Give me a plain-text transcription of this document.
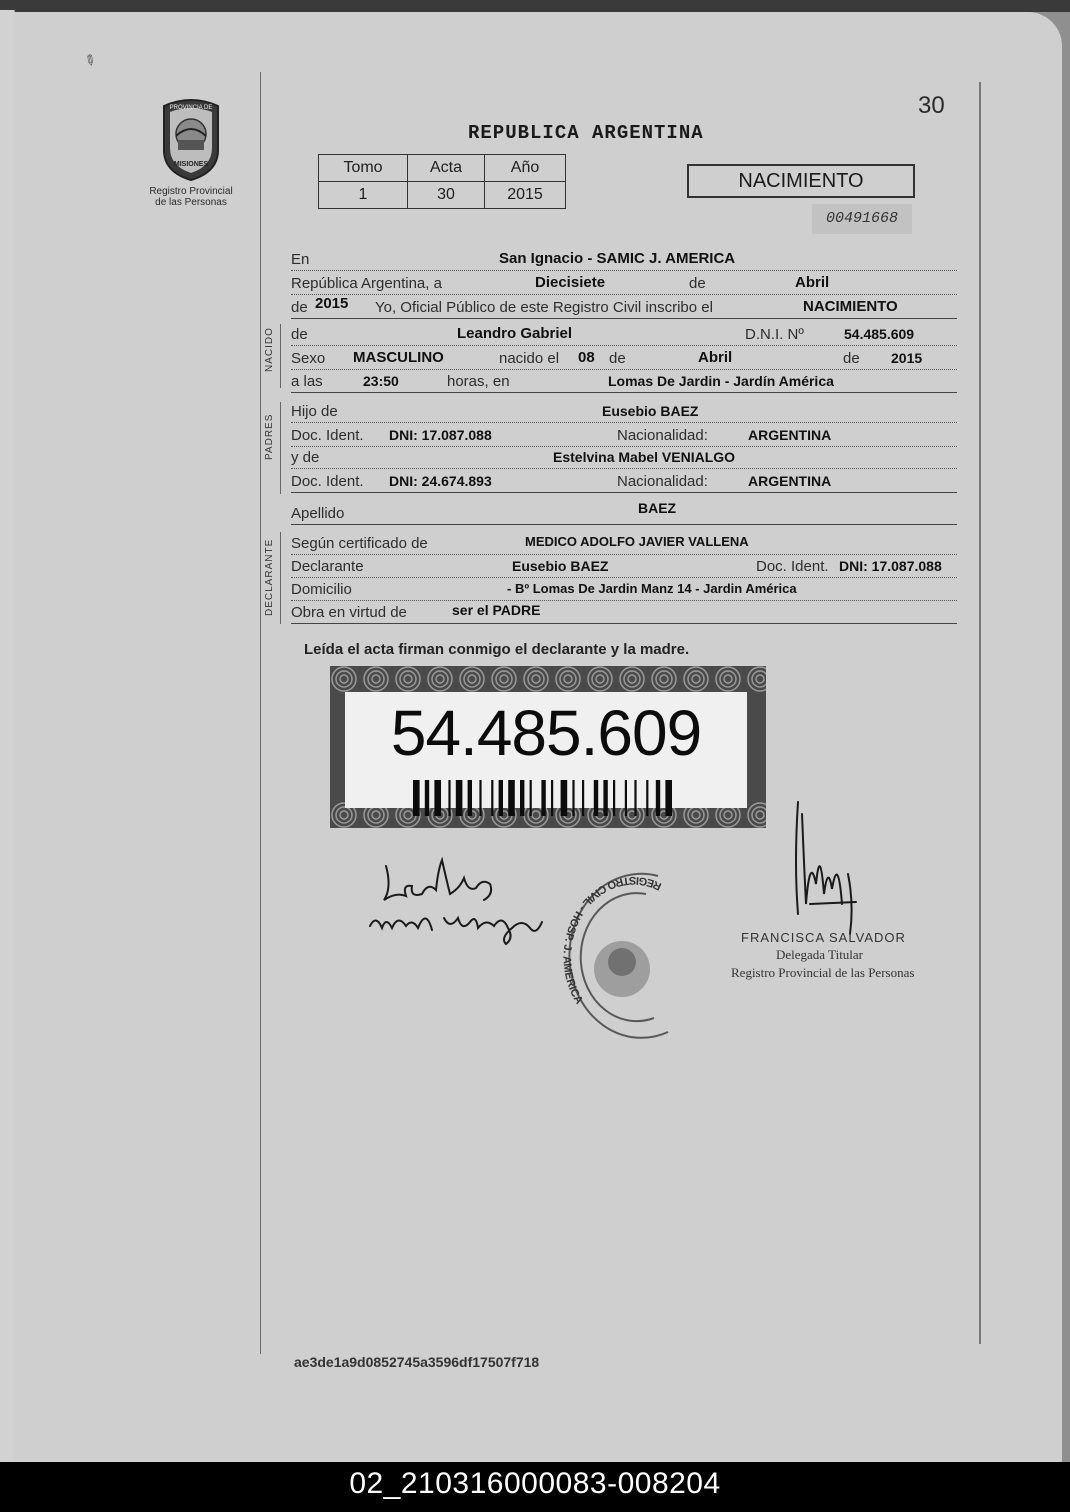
✎
30
PROVINCIA DE
MISIONES
Registro Provincial
de las Personas
REPUBLICA ARGENTINA
Tomo	Acta	Año
1	30	2015
NACIMIENTO
00491668
En	San Ignacio - SAMIC J. AMERICA
República Argentina, a	Diecisiete	de	Abril
de 2015 Yo, Oficial Público de este Registro Civil inscribo el	NACIMIENTO
NACIDO de	Leandro Gabriel	D.N.I. Nº	54.485.609
Sexo MASCULINO	nacido el 08 de	Abril	de 2015
a las	23:50	horas, en	Lomas De Jardin - Jardín América
PADRES
Hijo de	Eusebio BAEZ
Doc. Ident. DNI: 17.087.088	Nacionalidad:	ARGENTINA
y de	Estelvina Mabel VENIALGO
Doc. Ident. DNI: 24.674.893	Nacionalidad:	ARGENTINA
Apellido	BAEZ
DECLARANTE Según certificado de	MEDICO ADOLFO JAVIER VALLENA
Declarante	Eusebio BAEZ	Doc. Ident. DNI: 17.087.088
Domicilio	- Bº Lomas De Jardin Manz 14 - Jardin América
Obra en virtud de	ser el PADRE
Leída el acta firman conmigo el declarante y la madre.
54.485.609
REGISTRO CIVIL - HOSP. J. AMERICA
FRANCISCA SALVADOR
Delegada Titular
Registro Provincial de las Personas
ae3de1a9d0852745a3596df17507f718
02_210316000083-008204
